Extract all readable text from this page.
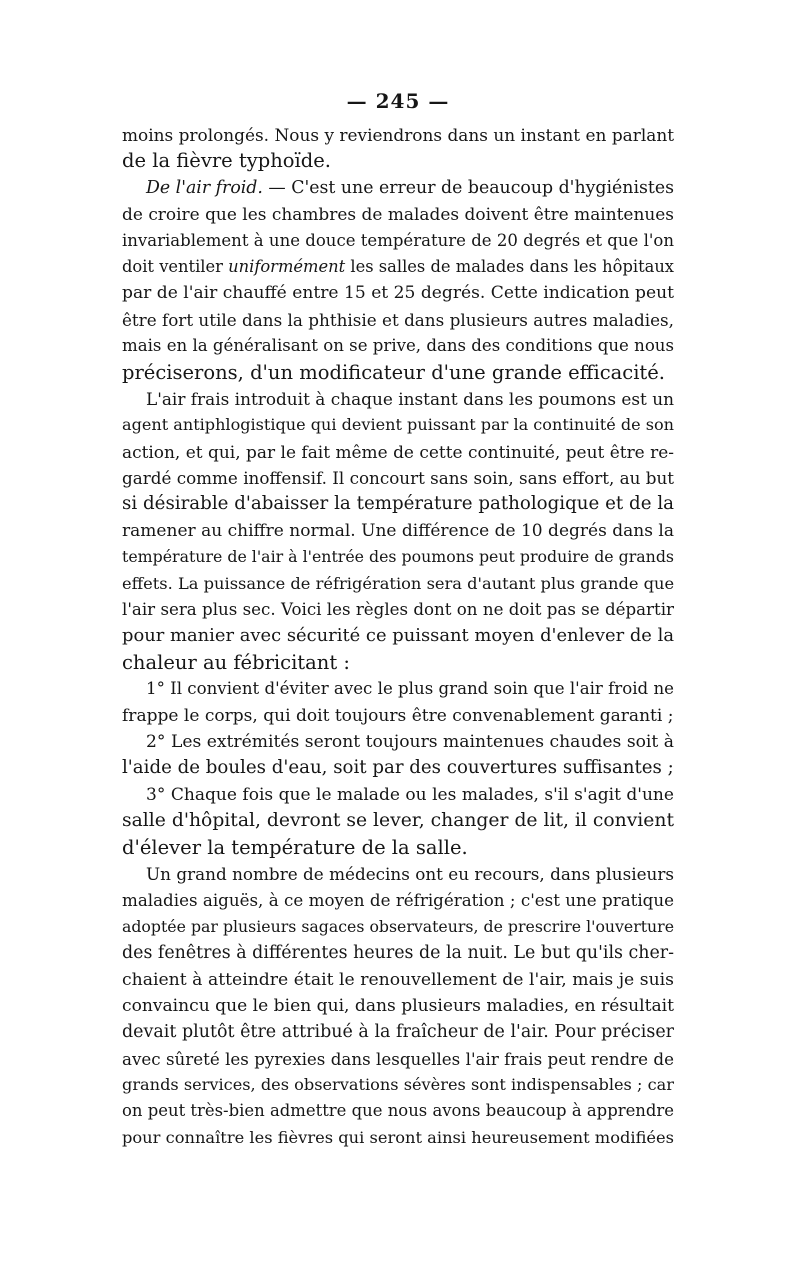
— 245 —
moins prolongés. Nous y reviendrons dans un instant en parlant
de la fièvre typhoïde.
De l'air froid. — C'est une erreur de beaucoup d'hygiénistes
de croire que les chambres de malades doivent être maintenues
invariablement à une douce température de 20 degrés et que l'on
doit ventiler uniformément les salles de malades dans les hôpitaux
par de l'air chauffé entre 15 et 25 degrés. Cette indication peut
être fort utile dans la phthisie et dans plusieurs autres maladies,
mais en la généralisant on se prive, dans des conditions que nous
préciserons, d'un modificateur d'une grande efficacité.
L'air frais introduit à chaque instant dans les poumons est un
agent antiphlogistique qui devient puissant par la continuité de son
action, et qui, par le fait même de cette continuité, peut être re-
gardé comme inoffensif. Il concourt sans soin, sans effort, au but
si désirable d'abaisser la température pathologique et de la
ramener au chiffre normal. Une différence de 10 degrés dans la
température de l'air à l'entrée des poumons peut produire de grands
effets. La puissance de réfrigération sera d'autant plus grande que
l'air sera plus sec. Voici les règles dont on ne doit pas se départir
pour manier avec sécurité ce puissant moyen d'enlever de la
chaleur au fébricitant :
1° Il convient d'éviter avec le plus grand soin que l'air froid ne
frappe le corps, qui doit toujours être convenablement garanti ;
2° Les extrémités seront toujours maintenues chaudes soit à
l'aide de boules d'eau, soit par des couvertures suffisantes ;
3° Chaque fois que le malade ou les malades, s'il s'agit d'une
salle d'hôpital, devront se lever, changer de lit, il convient
d'élever la température de la salle.
Un grand nombre de médecins ont eu recours, dans plusieurs
maladies aiguës, à ce moyen de réfrigération ; c'est une pratique
adoptée par plusieurs sagaces observateurs, de prescrire l'ouverture
des fenêtres à différentes heures de la nuit. Le but qu'ils cher-
chaient à atteindre était le renouvellement de l'air, mais je suis
convaincu que le bien qui, dans plusieurs maladies, en résultait
devait plutôt être attribué à la fraîcheur de l'air. Pour préciser
avec sûreté les pyrexies dans lesquelles l'air frais peut rendre de
grands services, des observations sévères sont indispensables ; car
on peut très-bien admettre que nous avons beaucoup à apprendre
pour connaître les fièvres qui seront ainsi heureusement modifiées
